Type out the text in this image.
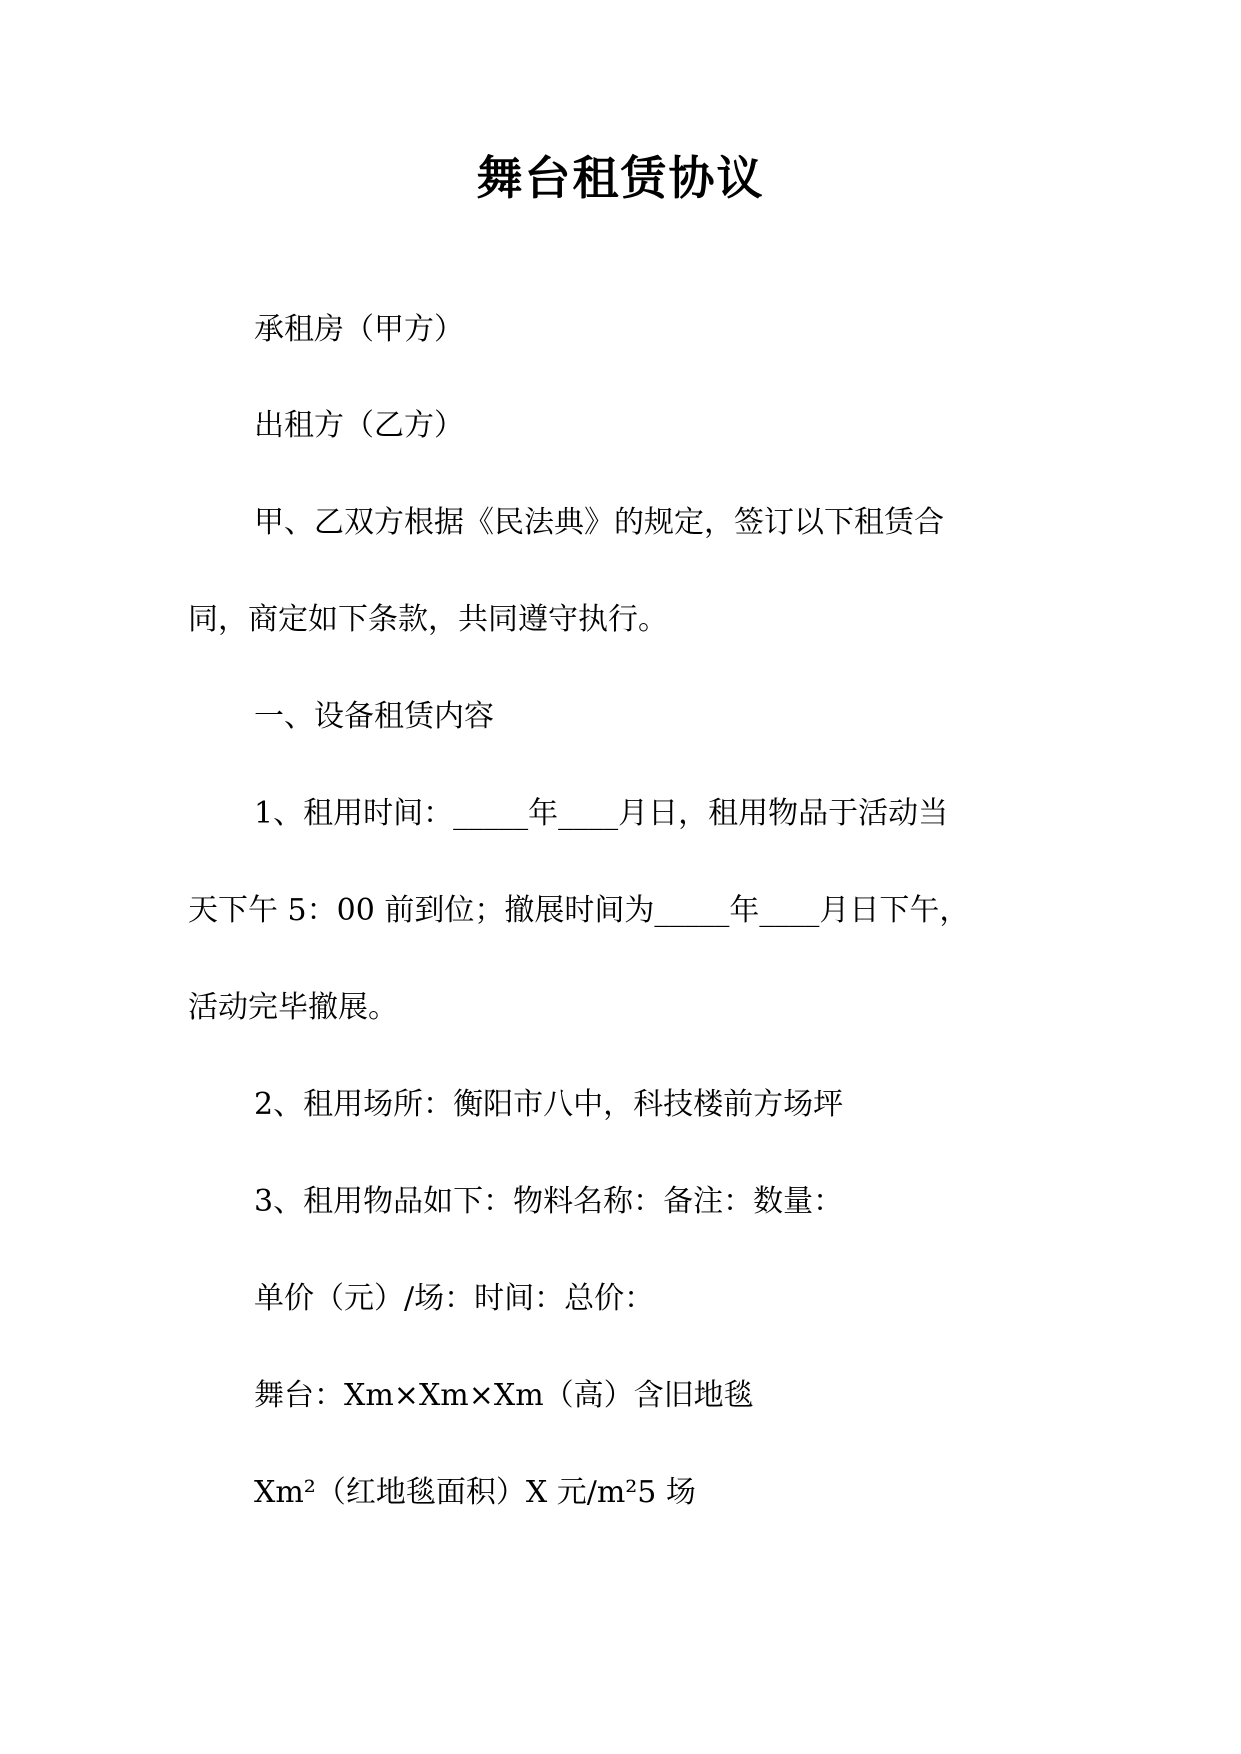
舞台租赁协议
承租房（甲方）
出租方（乙方）
甲、乙双方根据《民法典》的规定，签订以下租赁合
同，商定如下条款，共同遵守执行。
一、设备租赁内容
1、租用时间：_____年____月日，租用物品于活动当
天下午 5：00 前到位；撤展时间为_____年____月日下午，
活动完毕撤展。
2、租用场所：衡阳市八中，科技楼前方场坪
3、租用物品如下：物料名称：备注：数量：
单价（元）/场：时间：总价：
舞台：Xm×Xm×Xm（高）含旧地毯
Xm²（红地毯面积）X 元/m²5 场
